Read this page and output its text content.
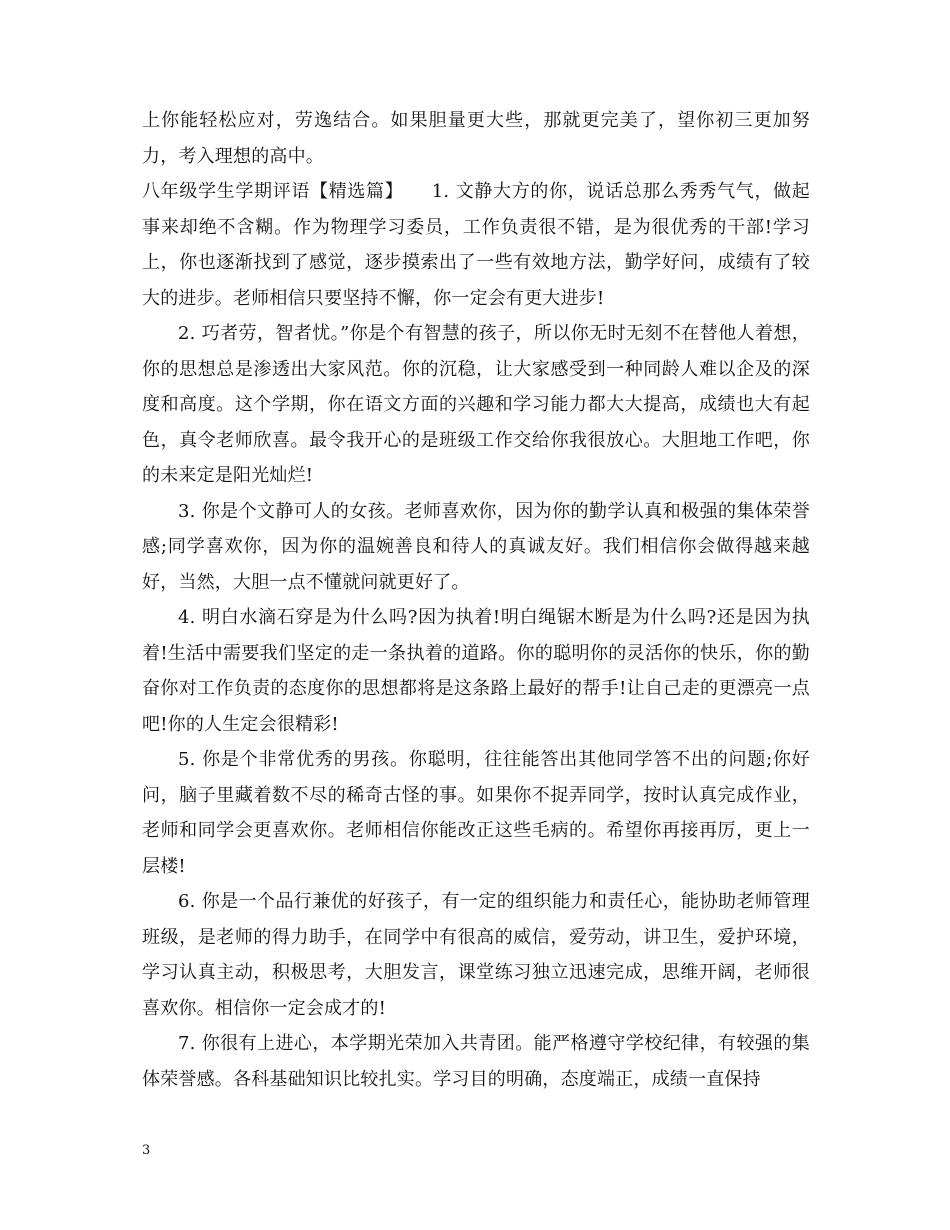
上你能轻松应对，劳逸结合。如果胆量更大些，那就更完美了，望你初三更加努力，考入理想的高中。

八年级学生学期评语【精选篇】　　1. 文静大方的你，说话总那么秀秀气气，做起事来却绝不含糊。作为物理学习委员，工作负责很不错，是为很优秀的干部!学习上，你也逐渐找到了感觉，逐步摸索出了一些有效地方法，勤学好问，成绩有了较大的进步。老师相信只要坚持不懈，你一定会有更大进步!

2. 巧者劳，智者忧。”你是个有智慧的孩子，所以你无时无刻不在替他人着想，你的思想总是渗透出大家风范。你的沉稳，让大家感受到一种同龄人难以企及的深度和高度。这个学期，你在语文方面的兴趣和学习能力都大大提高，成绩也大有起色，真令老师欣喜。最令我开心的是班级工作交给你我很放心。大胆地工作吧，你的未来定是阳光灿烂!

3. 你是个文静可人的女孩。老师喜欢你，因为你的勤学认真和极强的集体荣誉感;同学喜欢你，因为你的温婉善良和待人的真诚友好。我们相信你会做得越来越好，当然，大胆一点不懂就问就更好了。

4. 明白水滴石穿是为什么吗?因为执着!明白绳锯木断是为什么吗?还是因为执着!生活中需要我们坚定的走一条执着的道路。你的聪明你的灵活你的快乐，你的勤奋你对工作负责的态度你的思想都将是这条路上最好的帮手!让自己走的更漂亮一点吧!你的人生定会很精彩!

5. 你是个非常优秀的男孩。你聪明，往往能答出其他同学答不出的问题;你好问，脑子里藏着数不尽的稀奇古怪的事。如果你不捉弄同学，按时认真完成作业，老师和同学会更喜欢你。老师相信你能改正这些毛病的。希望你再接再厉，更上一层楼!

6. 你是一个品行兼优的好孩子，有一定的组织能力和责任心，能协助老师管理班级，是老师的得力助手，在同学中有很高的威信，爱劳动，讲卫生，爱护环境，学习认真主动，积极思考，大胆发言，课堂练习独立迅速完成，思维开阔，老师很喜欢你。相信你一定会成才的!

7. 你很有上进心，本学期光荣加入共青团。能严格遵守学校纪律，有较强的集体荣誉感。各科基础知识比较扎实。学习目的明确，态度端正，成绩一直保持

3
